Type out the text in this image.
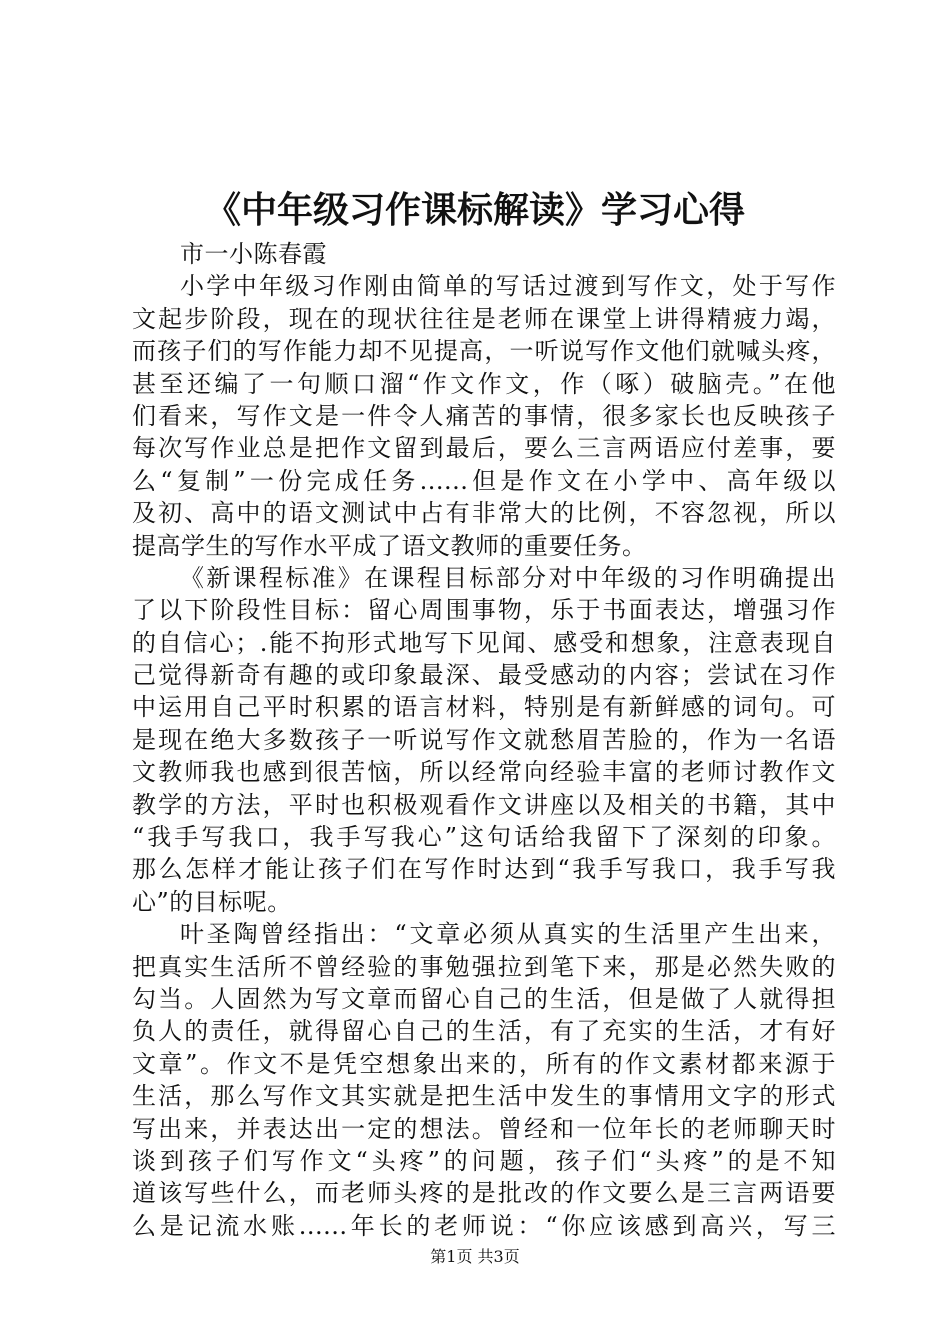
《中年级习作课标解读》学习心得
市一小陈春霞
小学中年级习作刚由简单的写话过渡到写作文，处于写作
文起步阶段，现在的现状往往是老师在课堂上讲得精疲力竭，
而孩子们的写作能力却不见提高，一听说写作文他们就喊头疼，
甚至还编了一句顺口溜“作文作文，作（啄）破脑壳。”在他
们看来，写作文是一件令人痛苦的事情，很多家长也反映孩子
每次写作业总是把作文留到最后，要么三言两语应付差事，要
么“复制”一份完成任务......但是作文在小学中、高年级以
及初、高中的语文测试中占有非常大的比例，不容忽视，所以
提高学生的写作水平成了语文教师的重要任务。
《新课程标准》在课程目标部分对中年级的习作明确提出
了以下阶段性目标：留心周围事物，乐于书面表达，增强习作
的自信心；.能不拘形式地写下见闻、感受和想象，注意表现自
己觉得新奇有趣的或印象最深、最受感动的内容；尝试在习作
中运用自己平时积累的语言材料，特别是有新鲜感的词句。可
是现在绝大多数孩子一听说写作文就愁眉苦脸的，作为一名语
文教师我也感到很苦恼，所以经常向经验丰富的老师讨教作文
教学的方法，平时也积极观看作文讲座以及相关的书籍，其中
“我手写我口，我手写我心”这句话给我留下了深刻的印象。
那么怎样才能让孩子们在写作时达到“我手写我口，我手写我
心”的目标呢。
叶圣陶曾经指出：“文章必须从真实的生活里产生出来，
把真实生活所不曾经验的事勉强拉到笔下来，那是必然失败的
勾当。人固然为写文章而留心自己的生活，但是做了人就得担
负人的责任，就得留心自己的生活，有了充实的生活，才有好
文章”。作文不是凭空想象出来的，所有的作文素材都来源于
生活，那么写作文其实就是把生活中发生的事情用文字的形式
写出来，并表达出一定的想法。曾经和一位年长的老师聊天时
谈到孩子们写作文“头疼”的问题，孩子们“头疼”的是不知
道该写些什么，而老师头疼的是批改的作文要么是三言两语要
么是记流水账......年长的老师说：“你应该感到高兴，写三
第1页 共3页
